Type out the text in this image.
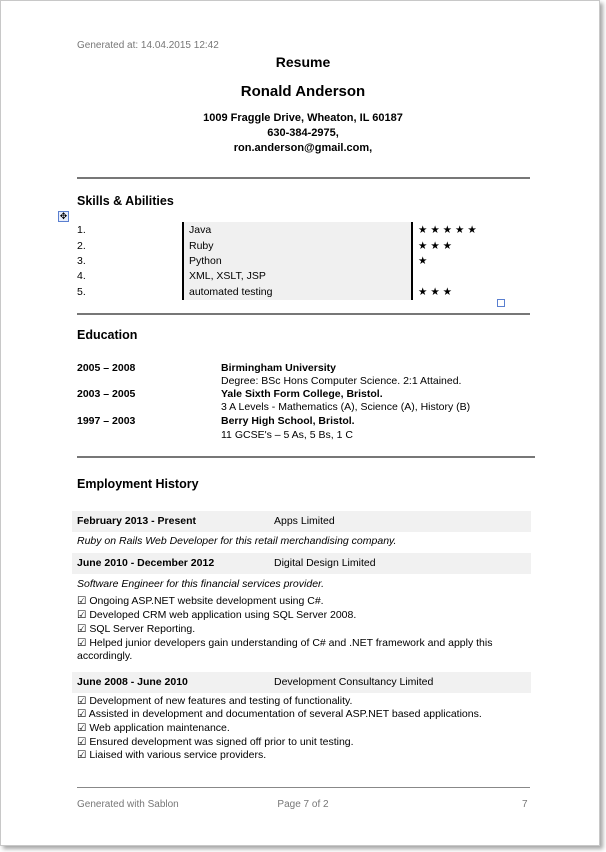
Generated at: 14.04.2015 12:42
Resume
Ronald Anderson
1009 Fraggle Drive, Wheaton, IL 60187
630-384-2975,
ron.anderson@gmail.com,
Skills & Abilities
✥
1.	Java	★ ★ ★ ★ ★
2.	Ruby	★ ★ ★
3.	Python	★
4.	XML, XSLT, JSP
5.	automated testing	★ ★ ★
Education
2005 – 2008	Birmingham University
Degree: BSc Hons Computer Science. 2:1 Attained.
2003 – 2005	Yale Sixth Form College, Bristol.
3 A Levels - Mathematics (A), Science (A), History (B)
1997 – 2003	Berry High School, Bristol.
11 GCSE's – 5 As, 5 Bs, 1 C
Employment History
February 2013 - Present	Apps Limited
Ruby on Rails Web Developer for this retail merchandising company.
June 2010 - December 2012	Digital Design Limited
Software Engineer for this financial services provider.
☑ Ongoing ASP.NET website development using C#.
☑ Developed CRM web application using SQL Server 2008.
☑ SQL Server Reporting.
☑ Helped junior developers gain understanding of C# and .NET framework and apply this
accordingly.
June 2008 - June 2010	Development Consultancy Limited
☑ Development of new features and testing of functionality.
☑ Assisted in development and documentation of several ASP.NET based applications.
☑ Web application maintenance.
☑ Ensured development was signed off prior to unit testing.
☑ Liaised with various service providers.
Generated with Sablon	Page 7 of 2	7
